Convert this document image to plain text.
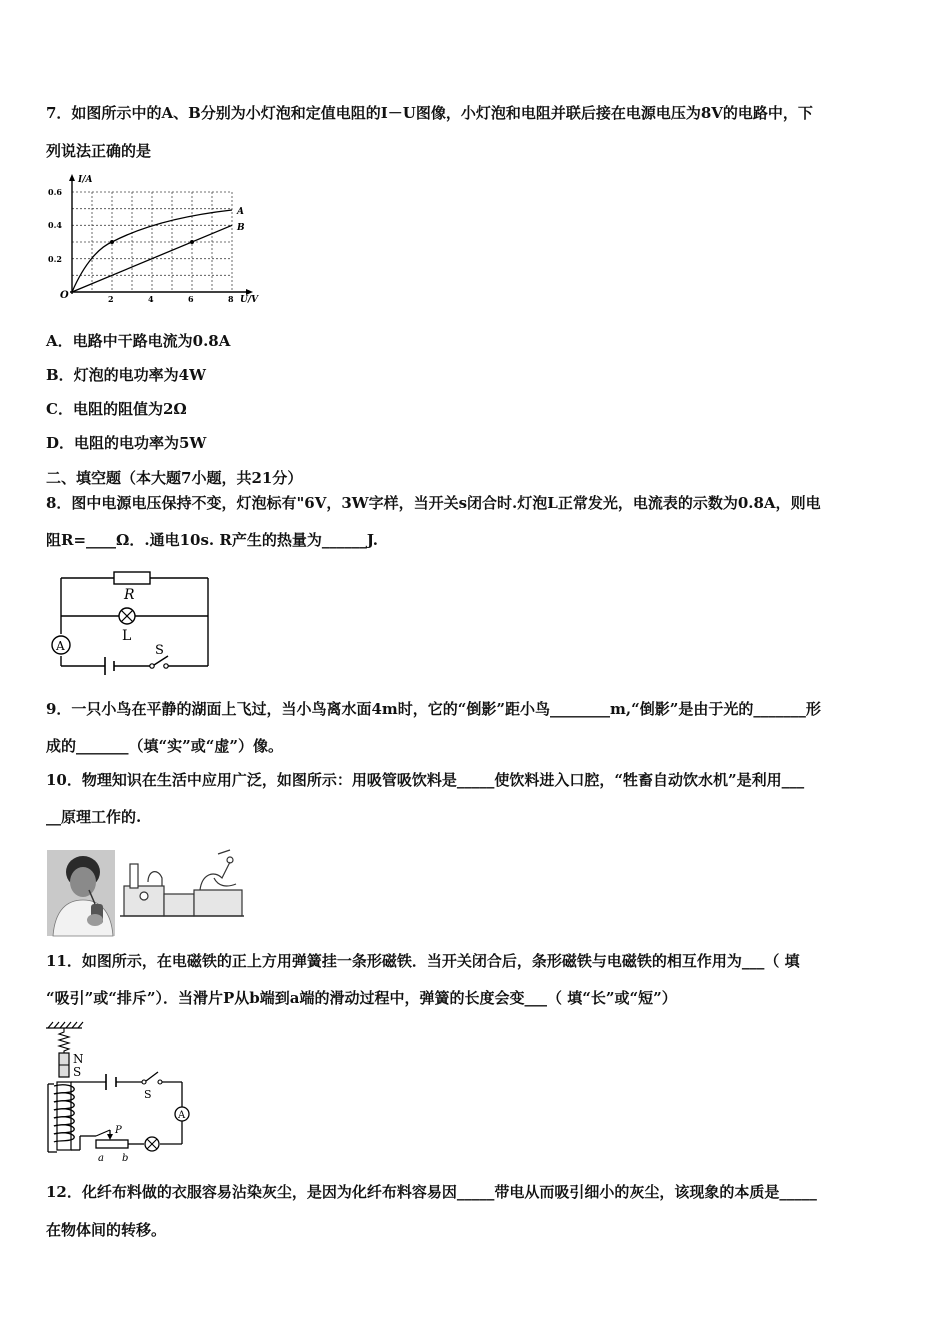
7．如图所示中的A、B分别为小灯泡和定值电阻的I－U图像，小灯泡和电阻并联后接在电源电压为8V的电路中，下
列说法正确的是
I/A
U/V
O
0.6
0.4
0.2
2	4	6	8
A
B
A．电路中干路电流为0.8A
B．灯泡的电功率为4W
C．电阻的阻值为2Ω
D．电阻的电功率为5W
二、填空题（本大题7小题，共21分）
8．图中电源电压保持不变，灯泡标有"6V，3W字样，当开关s闭合时.灯泡L正常发光，电流表的示数为0.8A，则电
阻R=____Ω．.通电10s. R产生的热量为______J.
R
L
A	S
9．一只小鸟在平静的湖面上飞过，当小鸟离水面4m时，它的“倒影”距小鸟________m,“倒影”是由于光的_______形
成的_______（填“实”或“虚”）像。
10．物理知识在生活中应用广泛，如图所示：用吸管吸饮料是_____使饮料进入口腔，“牲畜自动饮水机”是利用___
__原理工作的.
11．如图所示，在电磁铁的正上方用弹簧挂一条形磁铁．当开关闭合后，条形磁铁与电磁铁的相互作用为___（ 填
“吸引”或“排斥”）．当滑片P从b端到a端的滑动过程中，弹簧的长度会变___（ 填“长”或“短”）
N
S
S
A
P
a b
12．化纤布料做的衣服容易沾染灰尘，是因为化纤布料容易因_____带电从而吸引细小的灰尘，该现象的本质是_____
在物体间的转移。
